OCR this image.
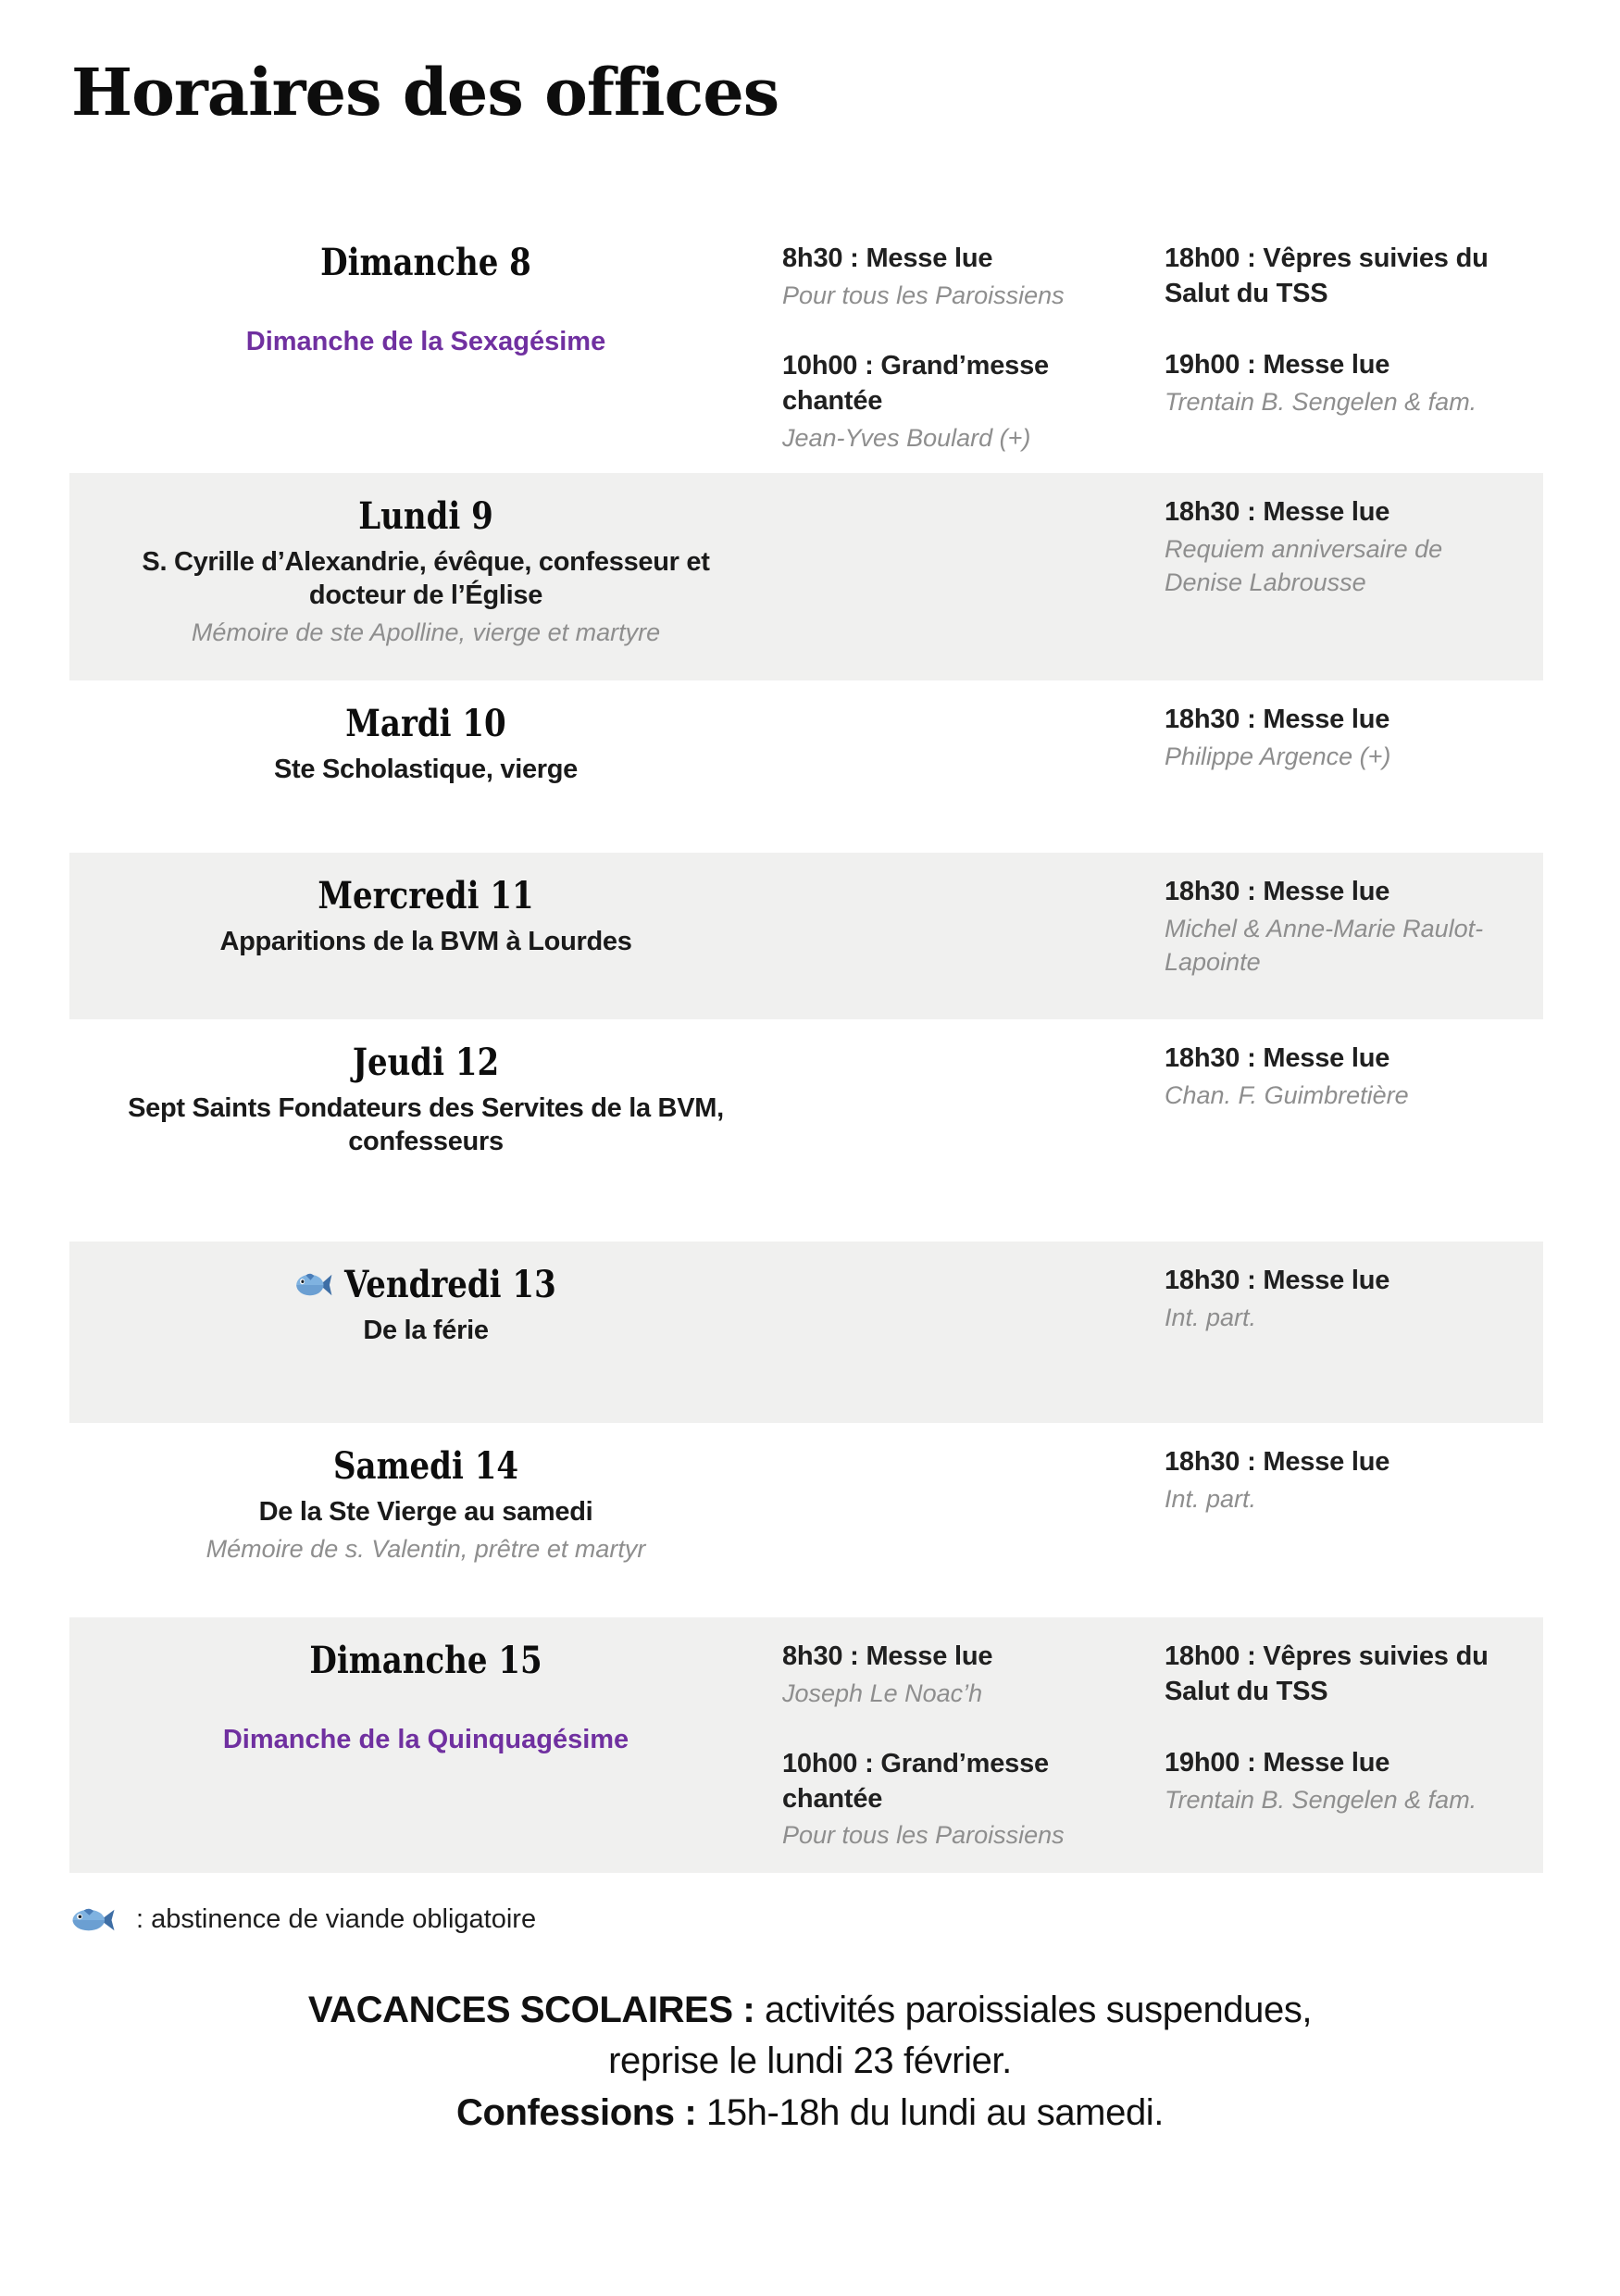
Horaires des offices
Dimanche 8
Dimanche de la Sexagésime
8h30 : Messe lue
Pour tous les Paroissiens
10h00 : Grand’messe chantée
Jean-Yves Boulard (+)
18h00 : Vêpres suivies du Salut du TSS
19h00 : Messe lue
Trentain B. Sengelen & fam.
Lundi 9
S. Cyrille d’Alexandrie, évêque, confesseur et docteur de l’Église
Mémoire de ste Apolline, vierge et martyre
18h30 : Messe lue
Requiem anniversaire de Denise Labrousse
Mardi 10
Ste Scholastique, vierge
18h30 : Messe lue
Philippe Argence (+)
Mercredi 11
Apparitions de la BVM à Lourdes
18h30 : Messe lue
Michel & Anne-Marie Raulot-Lapointe
Jeudi 12
Sept Saints Fondateurs des Servites de la BVM, confesseurs
18h30 : Messe lue
Chan. F. Guimbretière
Vendredi 13
De la férie
18h30 : Messe lue
Int. part.
Samedi 14
De la Ste Vierge au samedi
Mémoire de s. Valentin, prêtre et martyr
18h30 : Messe lue
Int. part.
Dimanche 15
Dimanche de la Quinquagésime
8h30 : Messe lue
Joseph Le Noac’h
10h00 : Grand’messe chantée
Pour tous les Paroissiens
18h00 : Vêpres suivies du Salut du TSS
19h00 : Messe lue
Trentain B. Sengelen & fam.
: abstinence de viande obligatoire
VACANCES SCOLAIRES : activités paroissiales suspendues,
reprise le lundi 23 février.
Confessions : 15h-18h du lundi au samedi.
